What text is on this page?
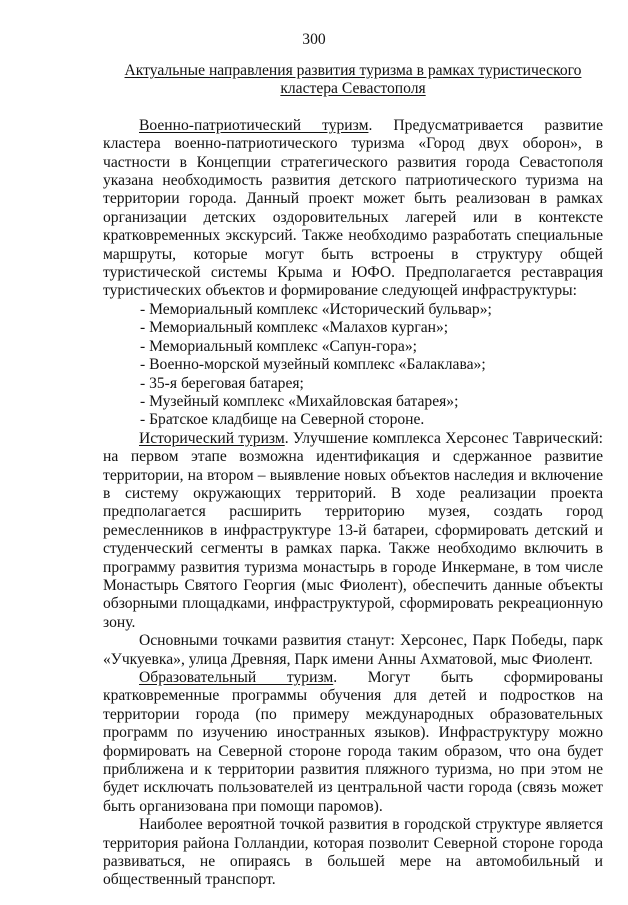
300

Актуальные направления развития туризма в рамках туристического
кластера Севастополя

Военно-патриотический туризм. Предусматривается развитие кластера военно-патриотического туризма «Город двух оборон», в частности в Концепции стратегического развития города Севастополя указана необходимость развития детского патриотического туризма на территории города. Данный проект может быть реализован в рамках организации детских оздоровительных лагерей или в контексте кратковременных экскурсий. Также необходимо разработать специальные маршруты, которые могут быть встроены в структуру общей туристической системы Крыма и ЮФО. Предполагается реставрация туристических объектов и формирование следующей инфраструктуры:

- Мемориальный комплекс «Исторический бульвар»;
- Мемориальный комплекс «Малахов курган»;
- Мемориальный комплекс «Сапун-гора»;
- Военно-морской музейный комплекс «Балаклава»;
- 35-я береговая батарея;
- Музейный комплекс «Михайловская батарея»;
- Братское кладбище на Северной стороне.

Исторический туризм. Улучшение комплекса Херсонес Таврический: на первом этапе возможна идентификация и сдержанное развитие территории, на втором – выявление новых объектов наследия и включение в систему окружающих территорий. В ходе реализации проекта предполагается расширить территорию музея, создать город ремесленников в инфраструктуре 13-й батареи, сформировать детский и студенческий сегменты в рамках парка. Также необходимо включить в программу развития туризма монастырь в городе Инкермане, в том числе Монастырь Святого Георгия (мыс Фиолент), обеспечить данные объекты обзорными площадками, инфраструктурой, сформировать рекреационную зону.

Основными точками развития станут: Херсонес, Парк Победы, парк «Учкуевка», улица Древняя, Парк имени Анны Ахматовой, мыс Фиолент.

Образовательный туризм. Могут быть сформированы кратковременные программы обучения для детей и подростков на территории города (по примеру международных образовательных программ по изучению иностранных языков). Инфраструктуру можно формировать на Северной стороне города таким образом, что она будет приближена и к территории развития пляжного туризма, но при этом не будет исключать пользователей из центральной части города (связь может быть организована при помощи паромов).

Наиболее вероятной точкой развития в городской структуре является территория района Голландии, которая позволит Северной стороне города развиваться, не опираясь в большей мере на автомобильный и общественный транспорт.
